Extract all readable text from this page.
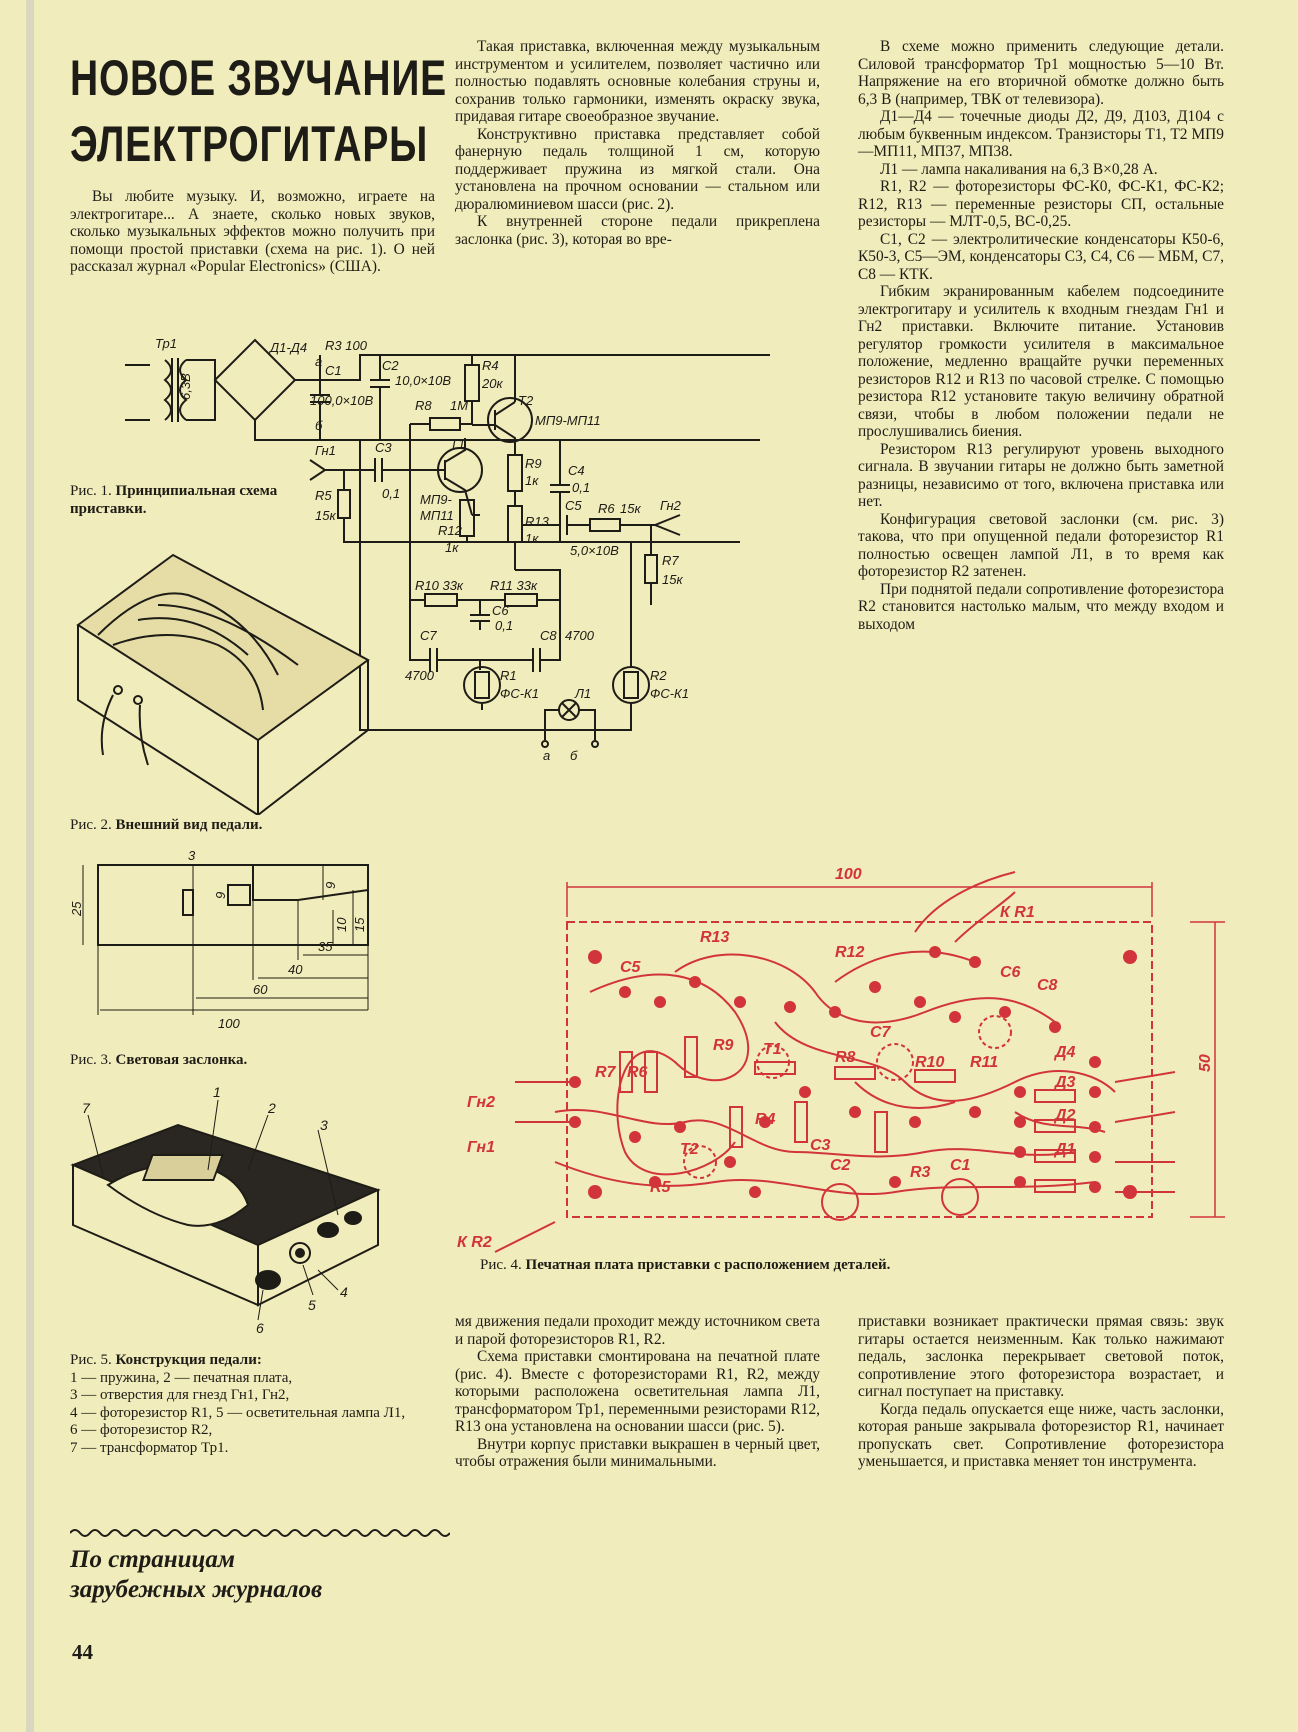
НОВОЕ ЗВУЧАНИЕ
ЭЛЕКТРОГИТАРЫ

Вы любите музыку. И, возможно, играете на электрогитаре... А знаете, сколько новых звуков, сколько музыкальных эффектов можно получить при помощи простой приставки (схема на рис. 1). О ней рассказал журнал «Popular Electronics» (США).

Такая приставка, включенная между музыкальным инструментом и усилителем, позволяет частично или полностью подавлять основные колебания струны и, сохранив только гармоники, изменять окраску звука, придавая гитаре своеобразное звучание.

Конструктивно приставка представляет собой фанерную педаль толщиной 1 см, которую поддерживает пружина из мягкой стали. Она установлена на прочном основании — стальном или дюралюминиевом шасси (рис. 2).

К внутренней стороне педали прикреплена заслонка (рис. 3), которая во вре-

В схеме можно применить следующие детали. Силовой трансформатор Тр1 мощностью 5—10 Вт. Напряжение на его вторичной обмотке должно быть 6,3 В (например, ТВК от телевизора).

Д1—Д4 — точечные диоды Д2, Д9, Д103, Д104 с любым буквенным индексом. Транзисторы Т1, Т2 МП9—МП11, МП37, МП38.

Л1 — лампа накаливания на 6,3 В×0,28 А.

R1, R2 — фоторезисторы ФС-К0, ФС-К1, ФС-К2; R12, R13 — переменные резисторы СП, остальные резисторы — МЛТ-0,5, ВС-0,25.

С1, С2 — электролитические конденсаторы К50-6, К50-3, С5—ЭМ, конденсаторы С3, С4, С6 — МБМ, С7, С8 — КТК.

Гибким экранированным кабелем подсоедините электрогитару и усилитель к входным гнездам Гн1 и Гн2 приставки. Включите питание. Установив регулятор громкости усилителя в максимальное положение, медленно вращайте ручки переменных резисторов R12 и R13 по часовой стрелке. С помощью резистора R12 установите такую величину обратной связи, чтобы в любом положении педали не прослушивались биения.

Резистором R13 регулируют уровень выходного сигнала. В звучании гитары не должно быть заметной разницы, независимо от того, включена приставка или нет.

Конфигурация световой заслонки (см. рис. 3) такова, что при опущенной педали фоторезистор R1 полностью освещен лампой Л1, в то время как фоторезистор R2 затенен.

При поднятой педали сопротивление фоторезистора R2 становится настолько малым, что между входом и выходом

Рис. 1. Принципиальная схема приставки.
Тр1	Д1-Д4
6,3В
R3 100
С1
100,0×10В
С2
10,0×10В
R4
20к
Т2
МП9-МП11
R8 1М
Т1
МП9-
МП11
Гн1	С3
0,1
R5
15к
R9
1к
С4
0,1
С5 R6 15к Гн2
R12
1к
R13
1к
5,0×10В
R7
15к
R10 33к R11 33к
С6
0,1
С7	С8 4700
4700	R1
ФС-К1
R2
ФС-К1
Л1
а б
а
б
Рис. 2. Внешний вид педали.
3
25
9
9
10 15
35
40
60
100
Рис. 3. Световая заслонка.
1
2
3
4
5
6
7
Рис. 5. Конструкция педали:
1 — пружина, 2 — печатная плата,
3 — отверстия для гнезд Гн1, Гн2,
4 — фоторезистор R1, 5 — осветительная лампа Л1, 6 — фоторезистор R2,
7 — трансформатор Тр1.
100
50
К R1
К R2
Гн2
Гн1
R13
R12
С5	С6
С8
С7
R9 Т1	R8	R10 R11
Д4
Д3
Д2
Д1
R7 R6
R4
С3
Т2
С2	R3 С1
R5
Рис. 4. Печатная плата приставки с расположением деталей.

мя движения педали проходит между источником света и парой фоторезисторов R1, R2.

Схема приставки смонтирована на печатной плате (рис. 4). Вместе с фоторезисторами R1, R2, между которыми расположена осветительная лампа Л1, трансформатором Тр1, переменными резисторами R12, R13 она установлена на основании шасси (рис. 5).

Внутри корпус приставки выкрашен в черный цвет, чтобы отражения были минимальными.

приставки возникает практически прямая связь: звук гитары остается неизменным. Как только нажимают педаль, заслонка перекрывает световой поток, сопротивление этого фоторезистора возрастает, и сигнал поступает на приставку.

Когда педаль опускается еще ниже, часть заслонки, которая раньше закрывала фоторезистор R1, начинает пропускать свет. Сопротивление фоторезистора уменьшается, и приставка меняет тон инструмента.

По страницам
зарубежных журналов
44
